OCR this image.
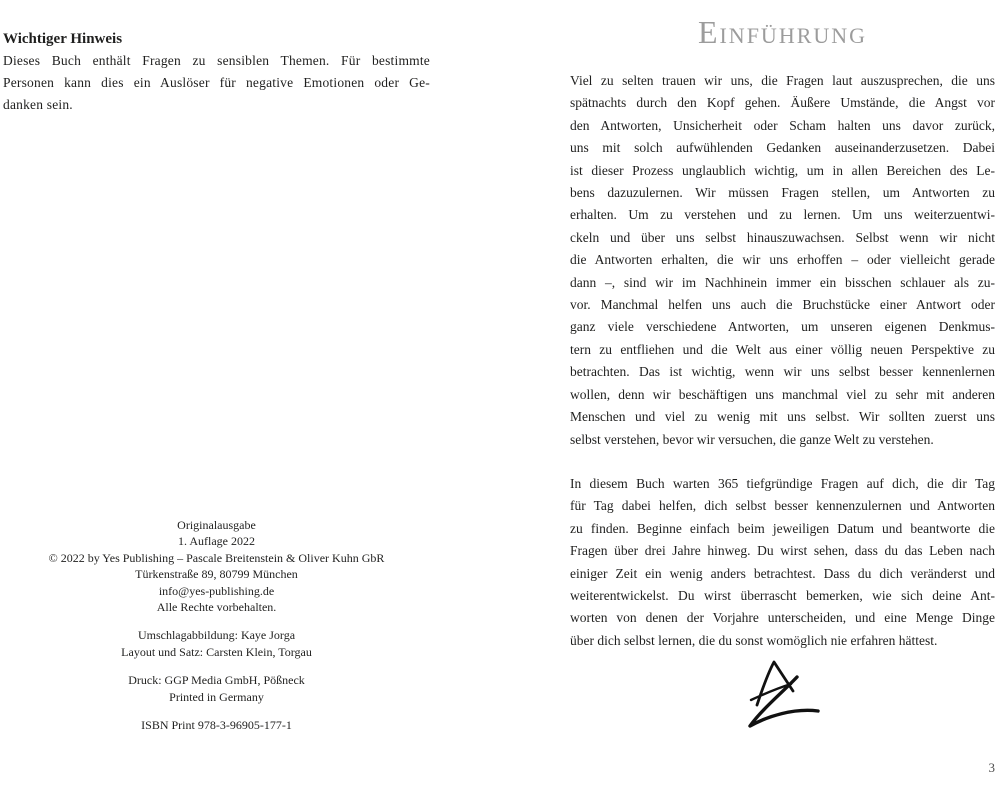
Wichtiger Hinweis
Dieses Buch enthält Fragen zu sensiblen Themen. Für bestimmte
Personen kann dies ein Auslöser für negative Emotionen oder Ge-
danken sein.
Originalausgabe
1. Auflage 2022
© 2022 by Yes Publishing – Pascale Breitenstein & Oliver Kuhn GbR
Türkenstraße 89, 80799 München
info@yes-publishing.de
Alle Rechte vorbehalten.
Umschlagabbildung: Kaye Jorga
Layout und Satz: Carsten Klein, Torgau
Druck: GGP Media GmbH, Pößneck
Printed in Germany
ISBN Print 978-3-96905-177-1
Einführung
Viel zu selten trauen wir uns, die Fragen laut auszusprechen, die uns
spätnachts durch den Kopf gehen. Äußere Umstände, die Angst vor
den Antworten, Unsicherheit oder Scham halten uns davor zurück,
uns mit solch aufwühlenden Gedanken auseinanderzusetzen. Dabei
ist dieser Prozess unglaublich wichtig, um in allen Bereichen des Le-
bens dazuzulernen. Wir müssen Fragen stellen, um Antworten zu
erhalten. Um zu verstehen und zu lernen. Um uns weiterzuentwi-
ckeln und über uns selbst hinauszuwachsen. Selbst wenn wir nicht
die Antworten erhalten, die wir uns erhoffen – oder vielleicht gerade
dann –, sind wir im Nachhinein immer ein bisschen schlauer als zu-
vor. Manchmal helfen uns auch die Bruchstücke einer Antwort oder
ganz viele verschiedene Antworten, um unseren eigenen Denkmus-
tern zu entfliehen und die Welt aus einer völlig neuen Perspektive zu
betrachten. Das ist wichtig, wenn wir uns selbst besser kennenlernen
wollen, denn wir beschäftigen uns manchmal viel zu sehr mit anderen
Menschen und viel zu wenig mit uns selbst. Wir sollten zuerst uns
selbst verstehen, bevor wir versuchen, die ganze Welt zu verstehen.
In diesem Buch warten 365 tiefgründige Fragen auf dich, die dir Tag
für Tag dabei helfen, dich selbst besser kennenzulernen und Antworten
zu finden. Beginne einfach beim jeweiligen Datum und beantworte die
Fragen über drei Jahre hinweg. Du wirst sehen, dass du das Leben nach
einiger Zeit ein wenig anders betrachtest. Dass du dich veränderst und
weiterentwickelst. Du wirst überrascht bemerken, wie sich deine Ant-
worten von denen der Vorjahre unterscheiden, und eine Menge Dinge
über dich selbst lernen, die du sonst womöglich nie erfahren hättest.
3
